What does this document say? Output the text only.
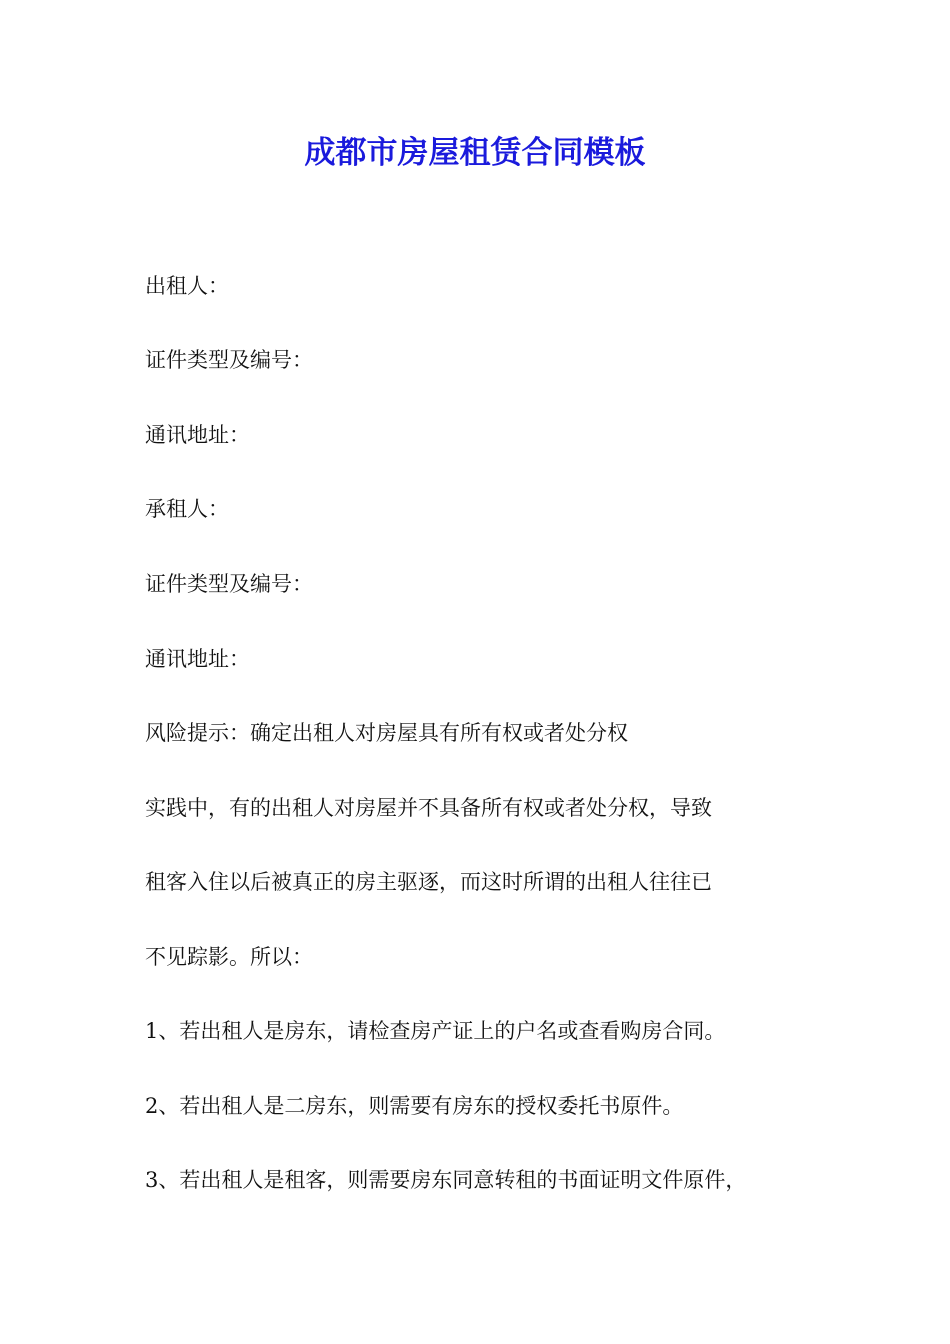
成都市房屋租赁合同模板

出租人：

证件类型及编号：

通讯地址：

承租人：

证件类型及编号：

通讯地址：

风险提示：确定出租人对房屋具有所有权或者处分权

实践中，有的出租人对房屋并不具备所有权或者处分权，导致

租客入住以后被真正的房主驱逐，而这时所谓的出租人往往已

不见踪影。所以：

1、若出租人是房东，请检查房产证上的户名或查看购房合同。

2、若出租人是二房东，则需要有房东的授权委托书原件。

3、若出租人是租客，则需要房东同意转租的书面证明文件原件，
